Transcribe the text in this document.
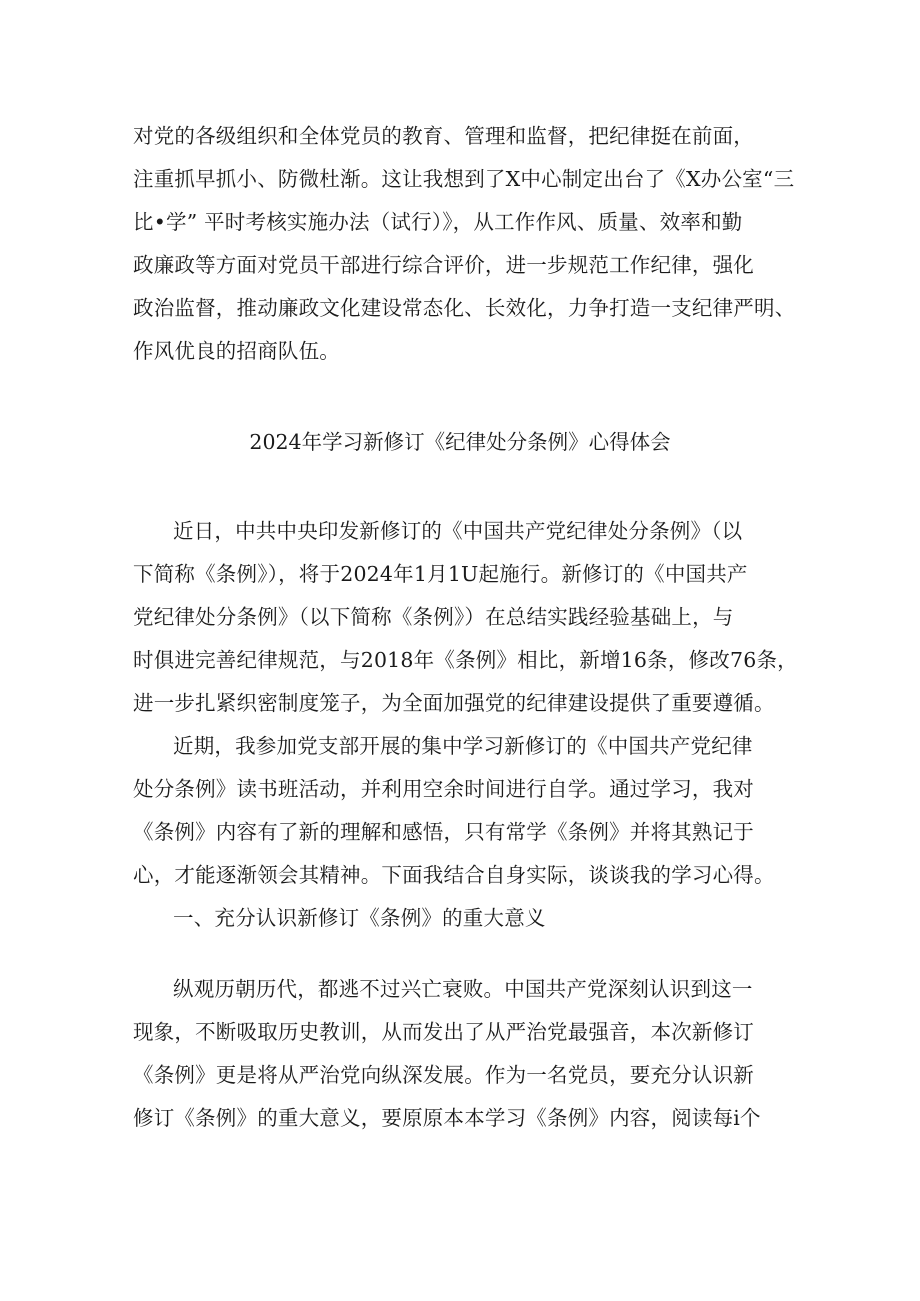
对党的各级组织和全体党员的教育、管理和监督，把纪律挺在前面，
注重抓早抓小、防微杜渐。这让我想到了X中心制定出台了《X办公室“三
比•学” 平时考核实施办法（试行）》，从工作作风、质量、效率和勤
政廉政等方面对党员干部进行综合评价，进一步规范工作纪律，强化
政治监督，推动廉政文化建设常态化、长效化，力争打造一支纪律严明、
作风优良的招商队伍。
2024年学习新修订《纪律处分条例》心得体会
近日，中共中央印发新修订的《中国共产党纪律处分条例》（以
下简称《条例》），将于2024年1月1U起施行。新修订的《中国共产
党纪律处分条例》（以下简称《条例》）在总结实践经验基础上，与
时俱进完善纪律规范，与2018年《条例》相比，新增16条，修改76条，
进一步扎紧织密制度笼子，为全面加强党的纪律建设提供了重要遵循。
近期，我参加党支部开展的集中学习新修订的《中国共产党纪律
处分条例》读书班活动，并利用空余时间进行自学。通过学习，我对
《条例》内容有了新的理解和感悟，只有常学《条例》并将其熟记于
心，才能逐渐领会其精神。下面我结合自身实际，谈谈我的学习心得。
一、充分认识新修订《条例》的重大意义
纵观历朝历代，都逃不过兴亡衰败。中国共产党深刻认识到这一
现象，不断吸取历史教训，从而发出了从严治党最强音，本次新修订
《条例》更是将从严治党向纵深发展。作为一名党员，要充分认识新
修订《条例》的重大意义，要原原本本学习《条例》内容，阅读每i个
